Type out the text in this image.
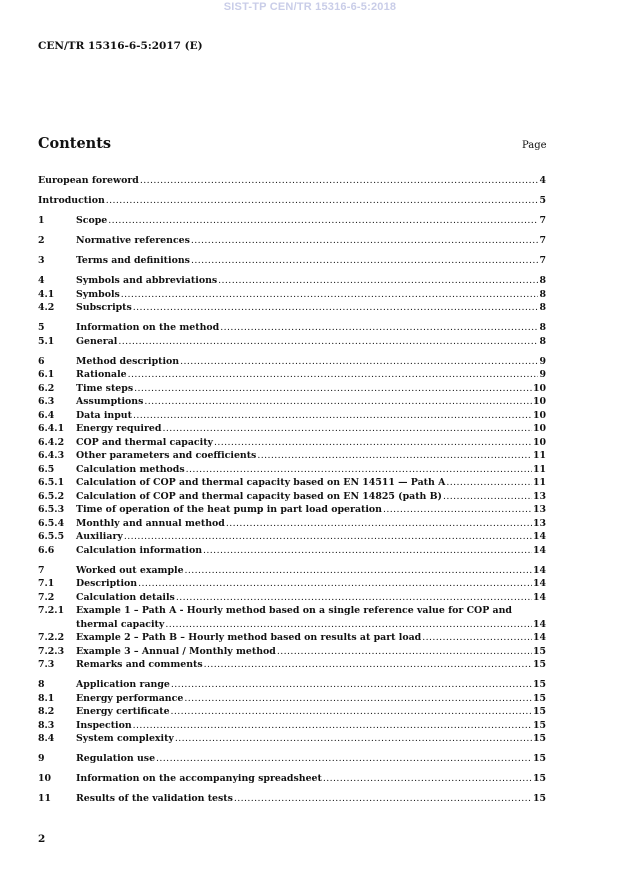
SIST-TP CEN/TR 15316-6-5:2018
CEN/TR 15316-6-5:2017 (E)
Contents	Page
European foreword .....	4
Introduction .....	5
1	Scope .....	7
2	Normative references .....	7
3	Terms and definitions .....	7
4	Symbols and abbreviations .....	8
4.1 Symbols .....	8
4.2 Subscripts .....	8
5	Information on the method .....	8
5.1 General .....	8
6	Method description .....	9
6.1 Rationale .....	9
6.2 Time steps .....	10
6.3 Assumptions .....	10
6.4 Data input .....	10
6.4.1 Energy required .....	10
6.4.2 COP and thermal capacity .....	10
6.4.3 Other parameters and coefficients .....	11
6.5 Calculation methods .....	11
6.5.1 Calculation of COP and thermal capacity based on EN 14511 — Path A .....	11
6.5.2 Calculation of COP and thermal capacity based on EN 14825 (path B) .....	13
6.5.3 Time of operation of the heat pump in part load operation .....	13
6.5.4 Monthly and annual method .....	13
6.5.5 Auxiliary .....	14
6.6 Calculation information .....	14
7	Worked out example .....	14
7.1 Description .....	14
7.2 Calculation details .....	14
7.2.1 Example 1 – Path A - Hourly method based on a single reference value for COP and
thermal capacity .....	14
7.2.2 Example 2 – Path B – Hourly method based on results at part load .....	14
7.2.3 Example 3 – Annual / Monthly method .....	15
7.3 Remarks and comments .....	15
8	Application range .....	15
8.1 Energy performance .....	15
8.2 Energy certificate .....	15
8.3 Inspection .....	15
8.4 System complexity .....	15
9	Regulation use .....	15
10	Information on the accompanying spreadsheet .....	15
11	Results of the validation tests .....	15
2
